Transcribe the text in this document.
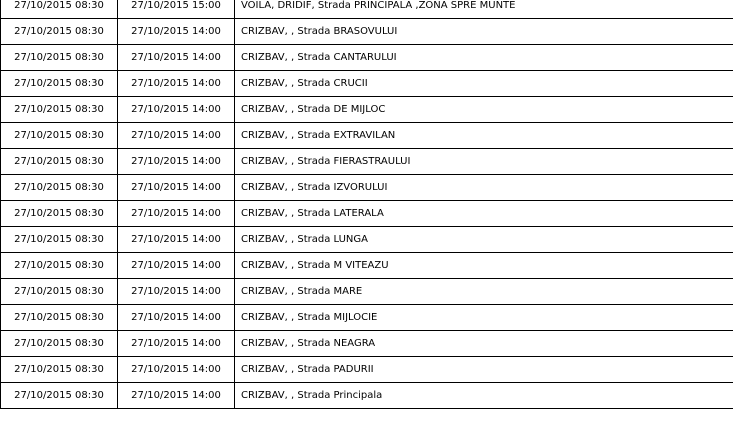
27/10/2015 08:30	27/10/2015 15:00	VOILA, DRIDIF, Strada PRINCIPALA ,ZONA SPRE MUNTE
27/10/2015 08:30	27/10/2015 14:00	CRIZBAV, , Strada BRASOVULUI
27/10/2015 08:30	27/10/2015 14:00	CRIZBAV, , Strada CANTARULUI
27/10/2015 08:30	27/10/2015 14:00	CRIZBAV, , Strada CRUCII
27/10/2015 08:30	27/10/2015 14:00	CRIZBAV, , Strada DE MIJLOC
27/10/2015 08:30	27/10/2015 14:00	CRIZBAV, , Strada EXTRAVILAN
27/10/2015 08:30	27/10/2015 14:00	CRIZBAV, , Strada FIERASTRAULUI
27/10/2015 08:30	27/10/2015 14:00	CRIZBAV, , Strada IZVORULUI
27/10/2015 08:30	27/10/2015 14:00	CRIZBAV, , Strada LATERALA
27/10/2015 08:30	27/10/2015 14:00	CRIZBAV, , Strada LUNGA
27/10/2015 08:30	27/10/2015 14:00	CRIZBAV, , Strada M VITEAZU
27/10/2015 08:30	27/10/2015 14:00	CRIZBAV, , Strada MARE
27/10/2015 08:30	27/10/2015 14:00	CRIZBAV, , Strada MIJLOCIE
27/10/2015 08:30	27/10/2015 14:00	CRIZBAV, , Strada NEAGRA
27/10/2015 08:30	27/10/2015 14:00	CRIZBAV, , Strada PADURII
27/10/2015 08:30	27/10/2015 14:00	CRIZBAV, , Strada Principala
